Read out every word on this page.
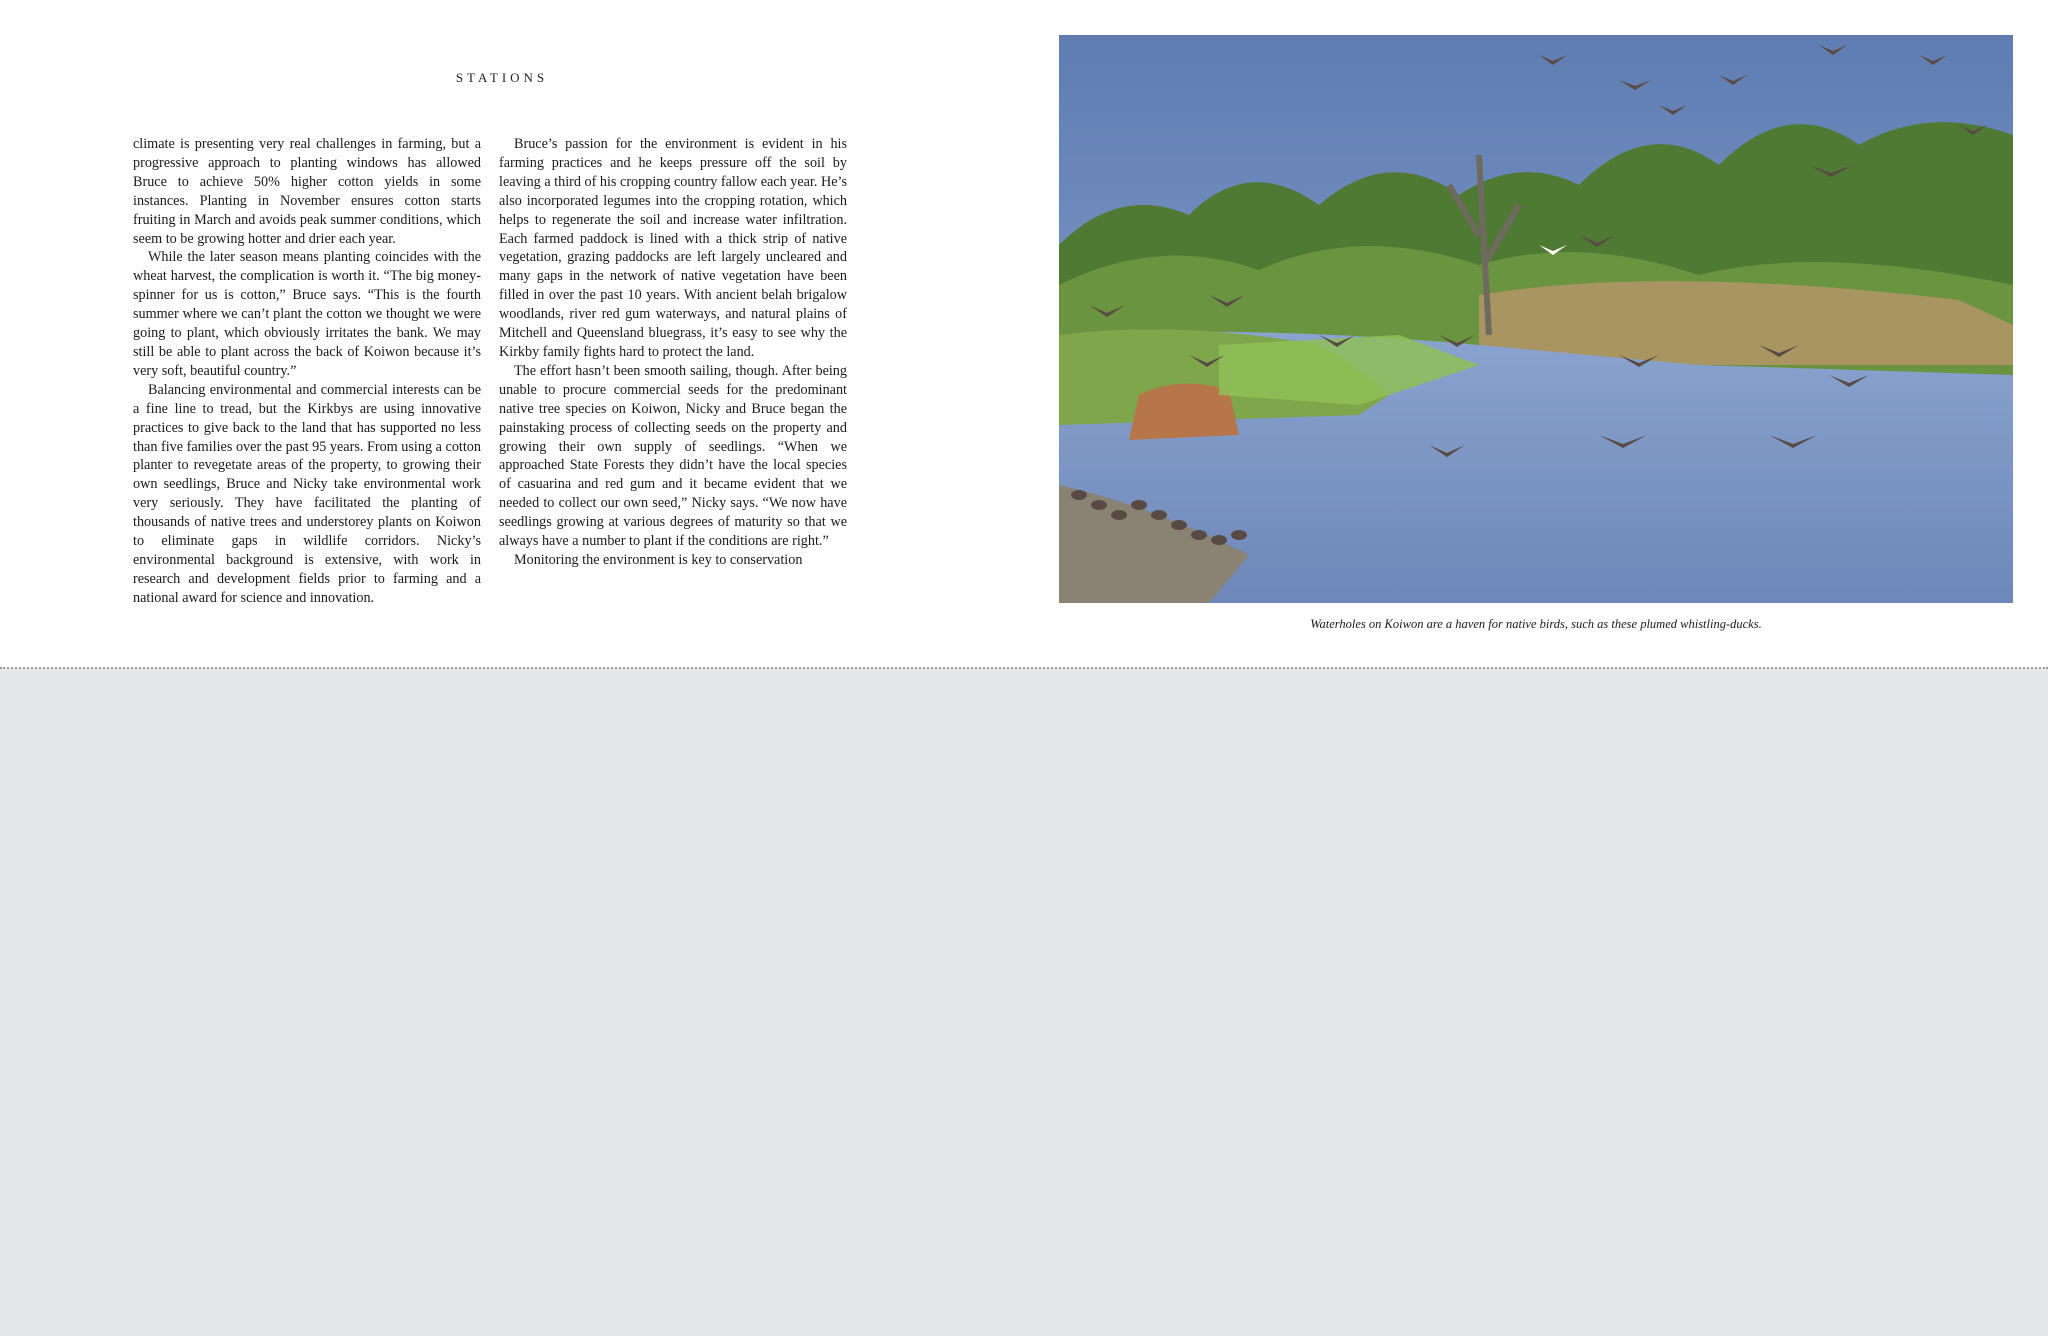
STATIONS

climate is presenting very real challenges in farming, but a progressive approach to planting windows has allowed Bruce to achieve 50% higher cotton yields in some instances. Planting in November ensures cotton starts fruiting in March and avoids peak summer conditions, which seem to be growing hotter and drier each year.

While the later season means planting coincides with the wheat harvest, the complication is worth it. “The big money-spinner for us is cotton,” Bruce says. “This is the fourth summer where we can’t plant the cotton we thought we were going to plant, which obviously irritates the bank. We may still be able to plant across the back of Koiwon because it’s very soft, beautiful country.”

Balancing environmental and commercial interests can be a fine line to tread, but the Kirkbys are using innovative practices to give back to the land that has supported no less than five families over the past 95 years. From using a cotton planter to revegetate areas of the property, to growing their own seedlings, Bruce and Nicky take environmental work very seriously. They have facilitated the planting of thousands of native trees and understorey plants on Koiwon to eliminate gaps in wildlife corridors. Nicky’s environmental background is extensive, with work in research and development fields prior to farming and a national award for science and innovation.

Bruce’s passion for the environment is evident in his farming practices and he keeps pressure off the soil by leaving a third of his cropping country fallow each year. He’s also incorporated legumes into the cropping rotation, which helps to regenerate the soil and increase water infiltration. Each farmed paddock is lined with a thick strip of native vegetation, grazing paddocks are left largely uncleared and many gaps in the network of native vegetation have been filled in over the past 10 years. With ancient belah brigalow woodlands, river red gum waterways, and natural plains of Mitchell and Queensland bluegrass, it’s easy to see why the Kirkby family fights hard to protect the land.

The effort hasn’t been smooth sailing, though. After being unable to procure commercial seeds for the predominant native tree species on Koiwon, Nicky and Bruce began the painstaking process of collecting seeds on the property and growing their own supply of seedlings. “When we approached State Forests they didn’t have the local species of casuarina and red gum and it became evident that we needed to collect our own seed,” Nicky says. “We now have seedlings growing at various degrees of maturity so that we always have a number to plant if the conditions are right.”

Monitoring the environment is key to conservation

Waterholes on Koiwon are a haven for native birds, such as these plumed whistling-ducks.
